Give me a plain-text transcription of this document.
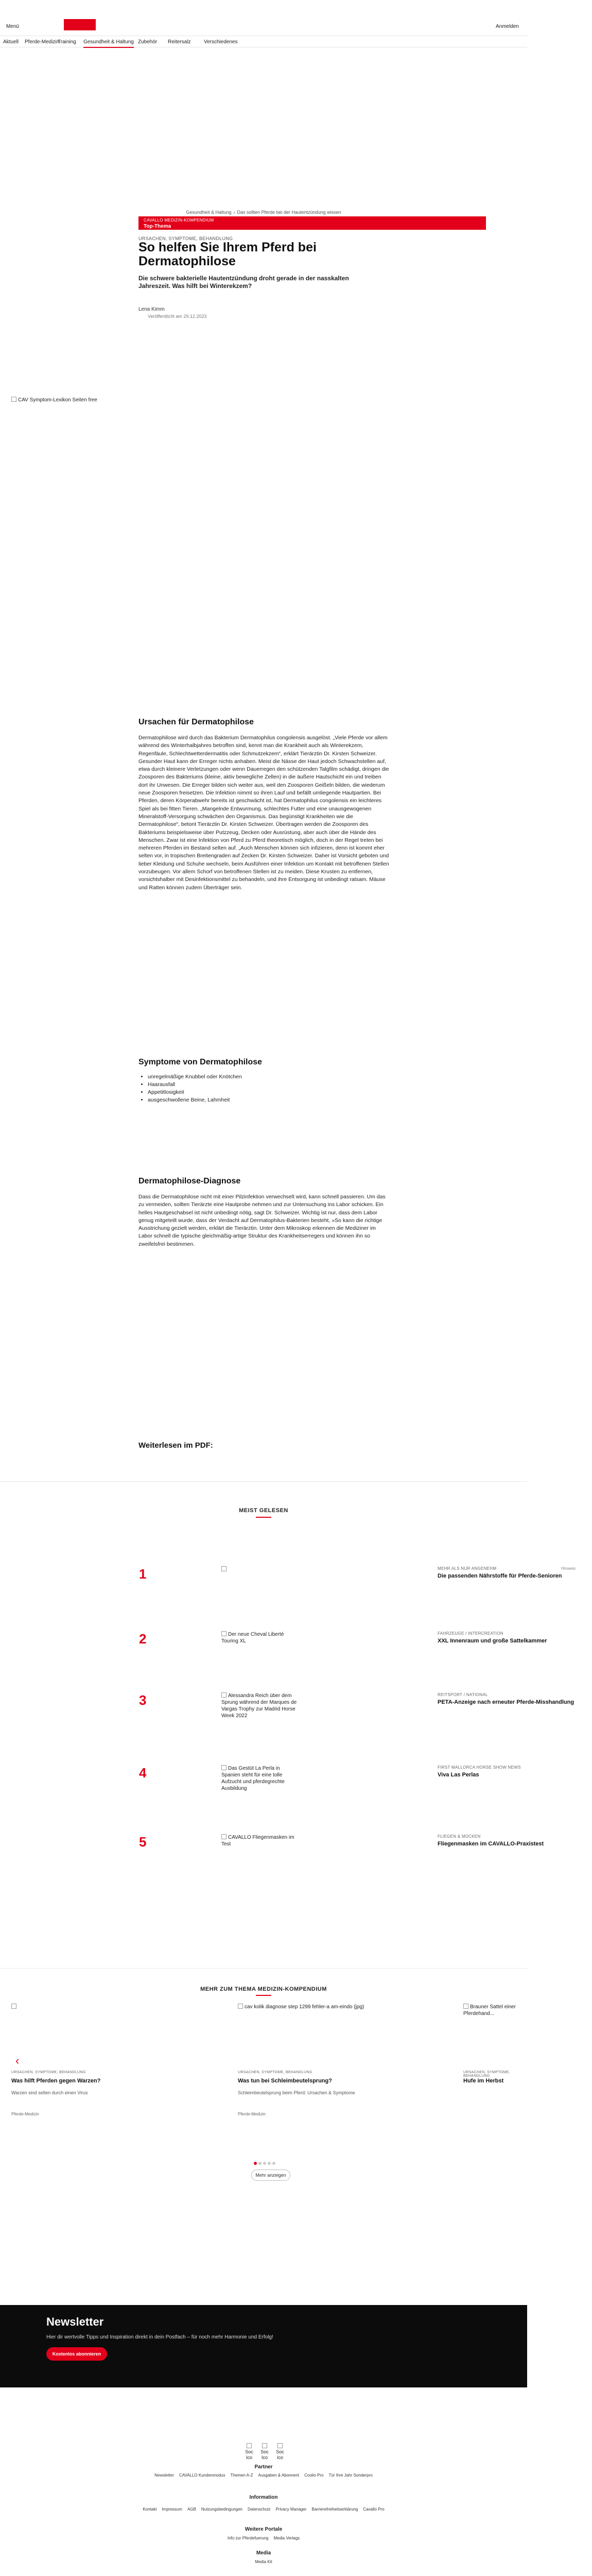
Menü	Anmelden
Aktuell Pferde-Medizin
Training Gesundheit & Haltung Zubehör Reitersalz	Verschiedenes
Gesundheit & Haltung › Das sollten Pferde bei der Hautentzündung wissen
CAVALLO MEDIZIN-KOMPENDIUM
Top-Thema
URSACHEN, SYMPTOME, BEHANDLUNG
So helfen Sie Ihrem Pferd bei Dermatophilose

Die schwere bakterielle Hautentzündung droht gerade in der nasskalten Jahreszeit. Was hilft bei Winterekzem?

Lena Kimm
Veröffentlicht am 29.12.2023
CAV Symptom-Lexikon Seiten free
Ursachen für Dermatophilose

Dermatophilose wird durch das Bakterium Dermatophilus congolensis ausgelöst. „Viele Pferde vor allem während des Winterhalbjahres betroffen sind, kennt man die Krankheit auch als Winterekzem, Regenfäule, Schlechtwetterdermatitis oder Schmutzekzem“, erklärt Tierärztin Dr. Kirsten Schweizer. Gesunder Haut kann der Erreger nichts anhaben. Meist die Nässe der Haut jedoch Schwachstellen auf, etwa durch kleinere Verletzungen oder wenn Dauerregen den schützenden Talgfilm schädigt, dringen die Zoosporen des Bakteriums (kleine, aktiv bewegliche Zellen) in die äußere Hautschicht ein und treiben dort ihr Unwesen. Die Erreger bilden sich weiter aus, weil den Zoosporen Geißeln bilden, die wiederum neue Zoosporen freisetzen. Die Infektion nimmt so ihren Lauf und befällt umliegende Hautpartien. Bei Pferden, deren Körperabwehr bereits ist geschwächt ist, hat Dermatophilus congolensis ein leichteres Spiel als bei fitten Tieren. „Mangelnde Entwurmung, schlechtes Futter und eine unausgewogenen Mineralstoff-Versorgung schwächen den Organismus. Das begünstigt Krankheiten wie die Dermatophilose“, betont Tierärztin Dr. Kirsten Schweizer. Übertragen werden die Zoosporen des Bakteriums beispielsweise über Putzzeug, Decken oder Ausrüstung, aber auch über die Hände des Menschen. Zwar ist eine Infektion von Pferd zu Pferd theoretisch möglich, doch in der Regel treten bei mehreren Pferden im Bestand selten auf. „Auch Menschen können sich infizieren, denn ist kommt eher selten vor, in tropischen Breitengraden auf Zecken Dr. Kirsten Schweizer. Daher ist Vorsicht geboten und lieber Kleidung und Schuhe wechseln, beim Ausführen einer Infektion um Kontakt mit betroffenen Stellen vorzubeugen. Vor allem Schorf von betroffenen Stellen ist zu meiden. Diese Krusten zu entfernen, vorsichtshalber mit Desinfektionsmittel zu behandeln, und ihre Entsorgung ist unbedingt ratsam. Mäuse und Ratten können zudem Überträger sein.

Symptome von Dermatophilose
• unregelmäßige Knubbel oder Knötchen
• Haarausfall
• Appetitlosigkeit
• ausgeschwollene Beine, Lahmheit
Dermatophilose-Diagnose

Dass die Dermatophilose nicht mit einer Pilzinfektion verwechselt wird, kann schnell passieren. Um das zu vermeiden, sollten Tierärzte eine Hautprobe nehmen und zur Untersuchung ins Labor schicken. Ein helles Hautgeschabsel ist nicht unbedingt nötig, sagt Dr. Schweizer. Wichtig ist nur, dass dem Labor genug mitgeteilt wurde, dass der Verdacht auf Dermatophilus-Bakterien besteht, »So kann die richtige Ausstrichung gezielt werden, erklärt die Tierärztin. Unter dem Mikroskop erkennen die Mediziner im Labor schnell die typische gleichmäßig-artige Struktur des Krankheitserregers und können ihn so zweifelsfrei bestimmen.

Weiterlesen im PDF:
MEIST GELESEN
1	MEHR ALS NUR ANGENEHM
Die passenden Nährstoffe für Pferde-Senioren
Hinweis
2	Der neue Cheval Liberté Touring XL
FAHRZEUGE / INTERCREATION
XXL Innenraum und große Sattelkammer
3	Alessandra Reich über dem Sprung während der Marques de Vargas Trophy zur Madrid Horse Week 2022
REITSPORT / NATIONAL
PETA-Anzeige nach erneuter Pferde-Misshandlung
4	Das Gestüt La Perla in Spanien steht für eine tolle Aufzucht und pferdegrechte Ausbildung
FIRST MALLORCA HORSE SHOW NEWS
Viva Las Perlas
5	CAVALLO Fliegenmasken im Test
FLIEGEN & MÜCKEN
Fliegenmasken im CAVALLO-Praxistest
MEHR ZUM THEMA MEDIZIN-KOMPENDIUM
‹
URSACHEN, SYMPTOME, BEHANDLUNG
Was hilft Pferden gegen Warzen?
Warzen sind selten durch einen Virus
Pferde-Medizin
cav kolik diagnose step 1299 fehler-a am-eindo (jpg)
URSACHEN, SYMPTOME, BEHANDLUNG
Was tun bei Schleimbeutelsprung?
Schleimbeutelsprung beim Pferd: Ursachen & Symptome
Pferde-Medizin
Brauner Sattel einer Pferdehand...
URSACHEN, SYMPTOME, BEHANDLUNG
Hufe im Herbst
Mehr anzeigen
Newsletter
Hier dir wertvolle Tipps und Inspiration direkt in dein Postfach – für noch mehr Harmonie und Erfolg!
Kostenlos abonnieren
Soc Ico
Soc Ico
Soc Ico
Partner
Newsletter CAVALLO Kundenmodus Themen A-Z Ausgaben & Abonnent Coolio Pro Tür Ihre Jahr Sonderpro
Information
Kontakt Impressum AGB Nutzungsbedingungen Datenschutz Privacy Manager Barrierefreiheitserklärung Cavallo Pro
Weitere Portale
Info zur Pferdefuerung Media Verlags
Media
Media Kit
